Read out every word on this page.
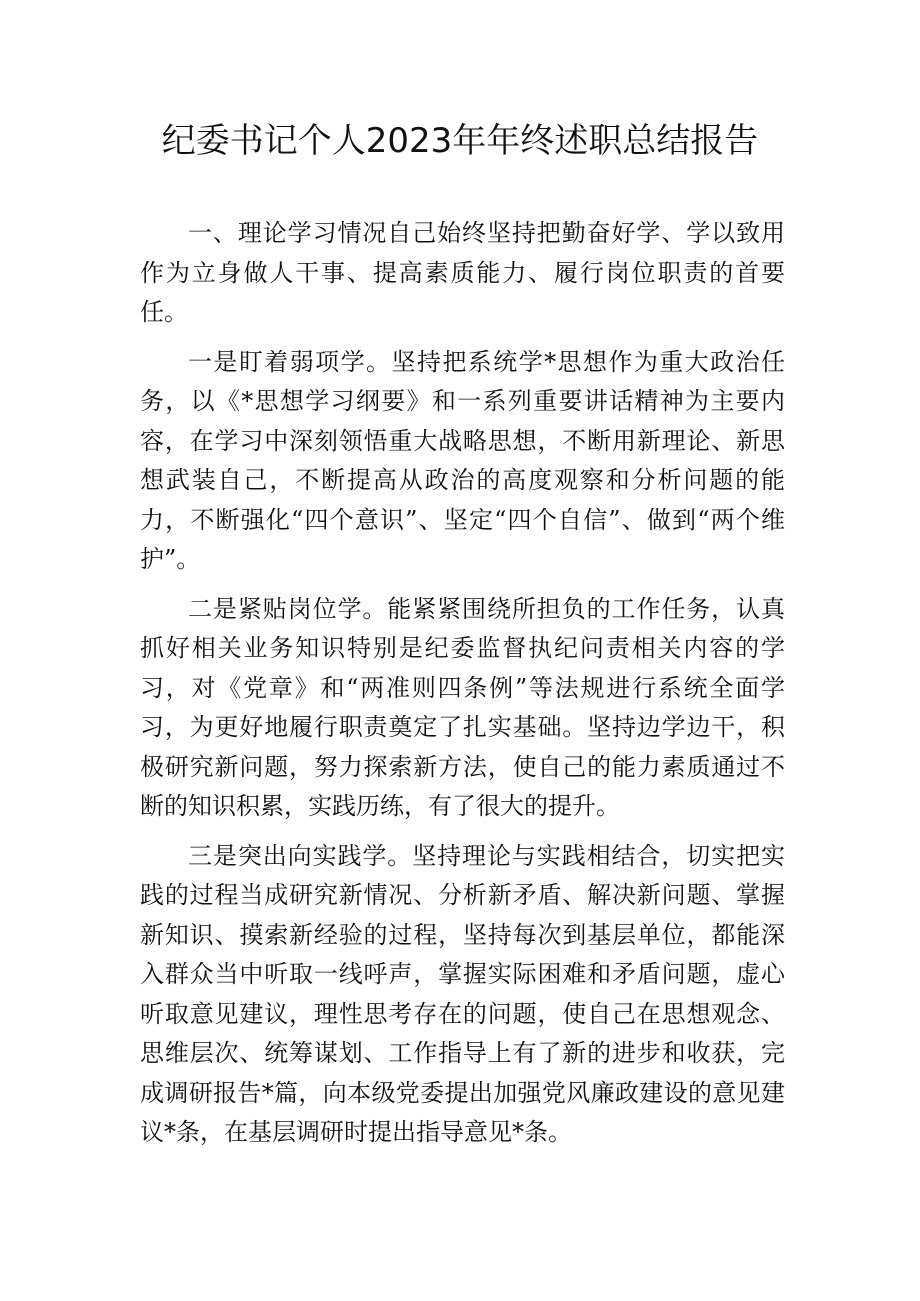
纪委书记个人2023年年终述职总结报告

一、理论学习情况自己始终坚持把勤奋好学、学以致用作为立身做人干事、提高素质能力、履行岗位职责的首要任。

一是盯着弱项学。坚持把系统学*思想作为重大政治任务，以《*思想学习纲要》和一系列重要讲话精神为主要内容，在学习中深刻领悟重大战略思想，不断用新理论、新思想武装自己，不断提高从政治的高度观察和分析问题的能力，不断强化“四个意识”、坚定“四个自信”、做到“两个维护”。

二是紧贴岗位学。能紧紧围绕所担负的工作任务，认真抓好相关业务知识特别是纪委监督执纪问责相关内容的学习，对《党章》和“两准则四条例”等法规进行系统全面学习，为更好地履行职责奠定了扎实基础。坚持边学边干，积极研究新问题，努力探索新方法，使自己的能力素质通过不断的知识积累，实践历练，有了很大的提升。

三是突出向实践学。坚持理论与实践相结合，切实把实践的过程当成研究新情况、分析新矛盾、解决新问题、掌握新知识、摸索新经验的过程，坚持每次到基层单位，都能深入群众当中听取一线呼声，掌握实际困难和矛盾问题，虚心听取意见建议，理性思考存在的问题，使自己在思想观念、思维层次、统筹谋划、工作指导上有了新的进步和收获，完成调研报告*篇，向本级党委提出加强党风廉政建设的意见建议*条，在基层调研时提出指导意见*条。
